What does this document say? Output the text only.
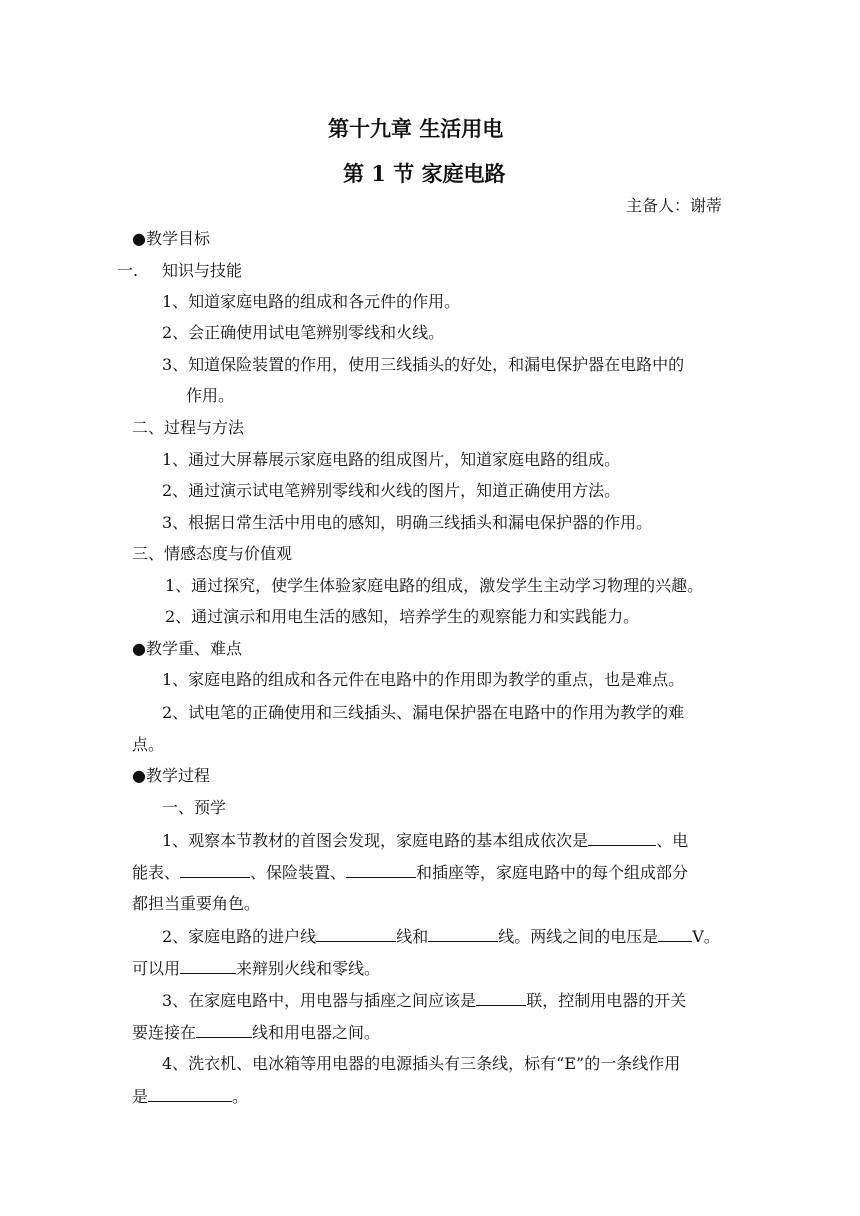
第十九章 生活用电
第 1 节 家庭电路
主备人：谢蒂
●教学目标
一. 知识与技能
1、知道家庭电路的组成和各元件的作用。
2、会正确使用试电笔辨别零线和火线。
3、知道保险装置的作用，使用三线插头的好处，和漏电保护器在电路中的
作用。
二、过程与方法
1、通过大屏幕展示家庭电路的组成图片，知道家庭电路的组成。
2、通过演示试电笔辨别零线和火线的图片，知道正确使用方法。
3、根据日常生活中用电的感知，明确三线插头和漏电保护器的作用。
三、情感态度与价值观
1、通过探究，使学生体验家庭电路的组成，激发学生主动学习物理的兴趣。
2、通过演示和用电生活的感知，培养学生的观察能力和实践能力。
●教学重、难点
1、家庭电路的组成和各元件在电路中的作用即为教学的重点，也是难点。
2、试电笔的正确使用和三线插头、漏电保护器在电路中的作用为教学的难
点。
●教学过程
一、预学
1、观察本节教材的首图会发现，家庭电路的基本组成依次是	、电
能表、	、保险装置、	和插座等，家庭电路中的每个组成部分
都担当重要角色。
2、家庭电路的进户线	线和	线。两线之间的电压是 V。
可以用	来辩别火线和零线。
3、在家庭电路中，用电器与插座之间应该是	联，控制用电器的开关
要连接在	线和用电器之间。
4、洗衣机、电冰箱等用电器的电源插头有三条线，标有“E”的一条线作用
是	。
